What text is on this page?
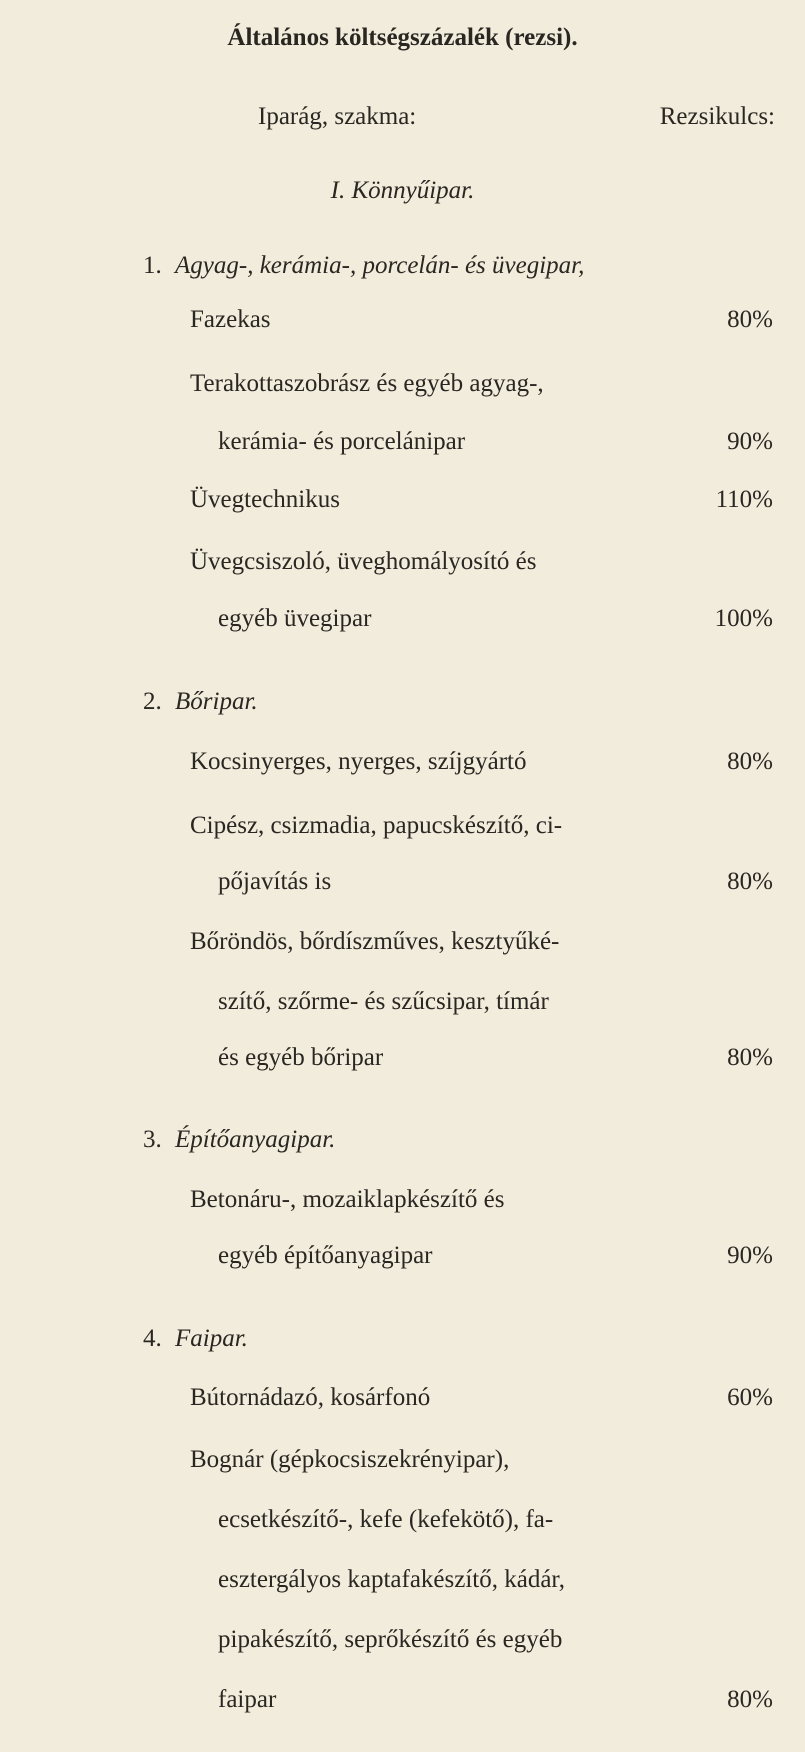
Általános költségszázalék (rezsi).
Iparág, szakma:	Rezsikulcs:
I. Könnyűipar.
1. Agyag-, kerámia-, porcelán- és üvegipar,
Fazekas	80%
Terakottaszobrász és egyéb agyag-,
kerámia- és porcelánipar	90%
Üvegtechnikus	110%
Üvegcsiszoló, üveghomályosító és
egyéb üvegipar	100%
2. Bőripar.
Kocsinyerges, nyerges, szíjgyártó	80%
Cipész, csizmadia, papucskészítő, ci-
pőjavítás is	80%
Bőröndös, bőrdíszműves, kesztyűké-
szítő, szőrme- és szűcsipar, tímár
és egyéb bőripar	80%
3. Építőanyagipar.
Betonáru-, mozaiklapkészítő és
egyéb építőanyagipar	90%
4. Faipar.
Bútornádazó, kosárfonó	60%
Bognár (gépkocsiszekrényipar),
ecsetkészítő-, kefe (kefekötő), fa-
esztergályos kaptafakészítő, kádár,
pipakészítő, seprőkészítő és egyéb
faipar	80%
